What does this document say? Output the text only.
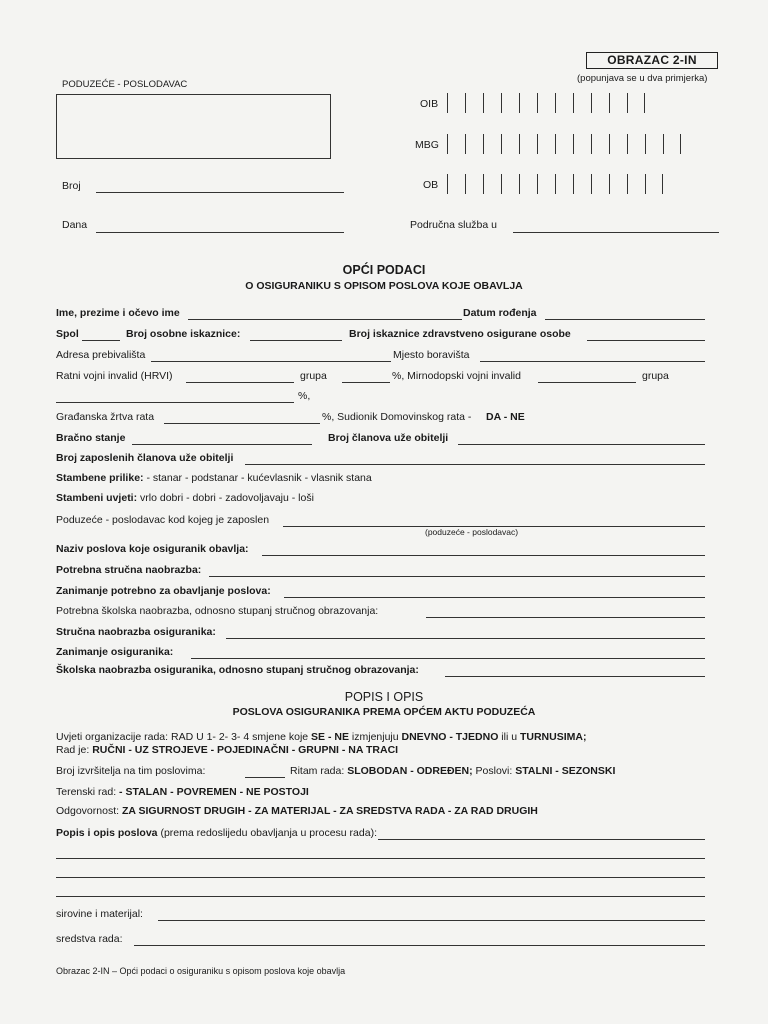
OBRAZAC 2-IN
(popunjava se u dva primjerka)
PODUZEĆE - POSLODAVAC
Broj
Dana
OIB
MBG
OB
Područna služba u
OPĆI PODACI
O OSIGURANIKU S OPISOM POSLOVA KOJE OBAVLJA
Ime, prezime i očevo ime	Datum rođenja
Spol	Broj osobne iskaznice:	Broj iskaznice zdravstveno osigurane osobe
Adresa prebivališta	Mjesto boravišta
Ratni vojni invalid (HRVI)	grupa	%, Mirnodopski vojni invalid	grupa
%,
Građanska žrtva rata	%, Sudionik Domovinskog rata - DA - NE
Bračno stanje	Broj članova uže obitelji
Broj zaposlenih članova uže obitelji
Stambene prilike: - stanar - podstanar - kućevlasnik - vlasnik stana
Stambeni uvjeti: vrlo dobri - dobri - zadovoljavaju - loši
Poduzeće - poslodavac kod kojeg je zaposlen
(poduzeće - poslodavac)
Naziv poslova koje osiguranik obavlja:
Potrebna stručna naobrazba:
Zanimanje potrebno za obavljanje poslova:
Potrebna školska naobrazba, odnosno stupanj stručnog obrazovanja:
Stručna naobrazba osiguranika:
Zanimanje osiguranika:
Školska naobrazba osiguranika, odnosno stupanj stručnog obrazovanja:
POPIS I OPIS
POSLOVA OSIGURANIKA PREMA OPĆEM AKTU PODUZEĆA
Uvjeti organizacije rada: RAD U 1- 2- 3- 4 smjene koje SE - NE izmjenjuju DNEVNO - TJEDNO ili u TURNUSIMA;
Rad je: RUČNI - UZ STROJEVE - POJEDINAČNI - GRUPNI - NA TRACI
Broj izvršitelja na tim poslovima:	Ritam rada: SLOBODAN - ODREĐEN; Poslovi: STALNI - SEZONSKI
Terenski rad: - STALAN - POVREMEN - NE POSTOJI
Odgovornost: ZA SIGURNOST DRUGIH - ZA MATERIJAL - ZA SREDSTVA RADA - ZA RAD DRUGIH
Popis i opis poslova (prema redoslijedu obavljanja u procesu rada):
sirovine i materijal:
sredstva rada:
Obrazac 2-IN – Opći podaci o osiguraniku s opisom poslova koje obavlja
